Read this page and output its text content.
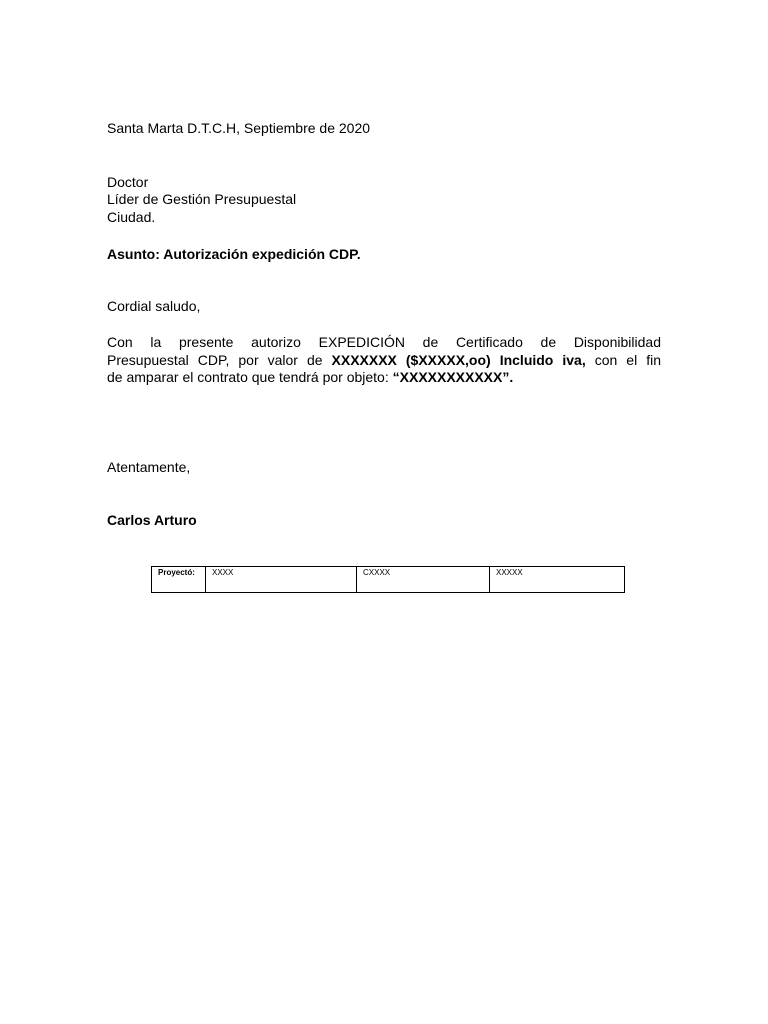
Santa Marta D.T.C.H, Septiembre de 2020
Doctor
Líder de Gestión Presupuestal
Ciudad.
Asunto: Autorización expedición CDP.
Cordial saludo,
Con la presente autorizo EXPEDICIÓN de Certificado de Disponibilidad
Presupuestal CDP, por valor de XXXXXXX ($XXXXX,oo) Incluido iva, con el fin
de amparar el contrato que tendrá por objeto: “XXXXXXXXXXX”.
Atentamente,
Carlos Arturo
Proyectó:	XXXX	CXXXX	XXXXX
